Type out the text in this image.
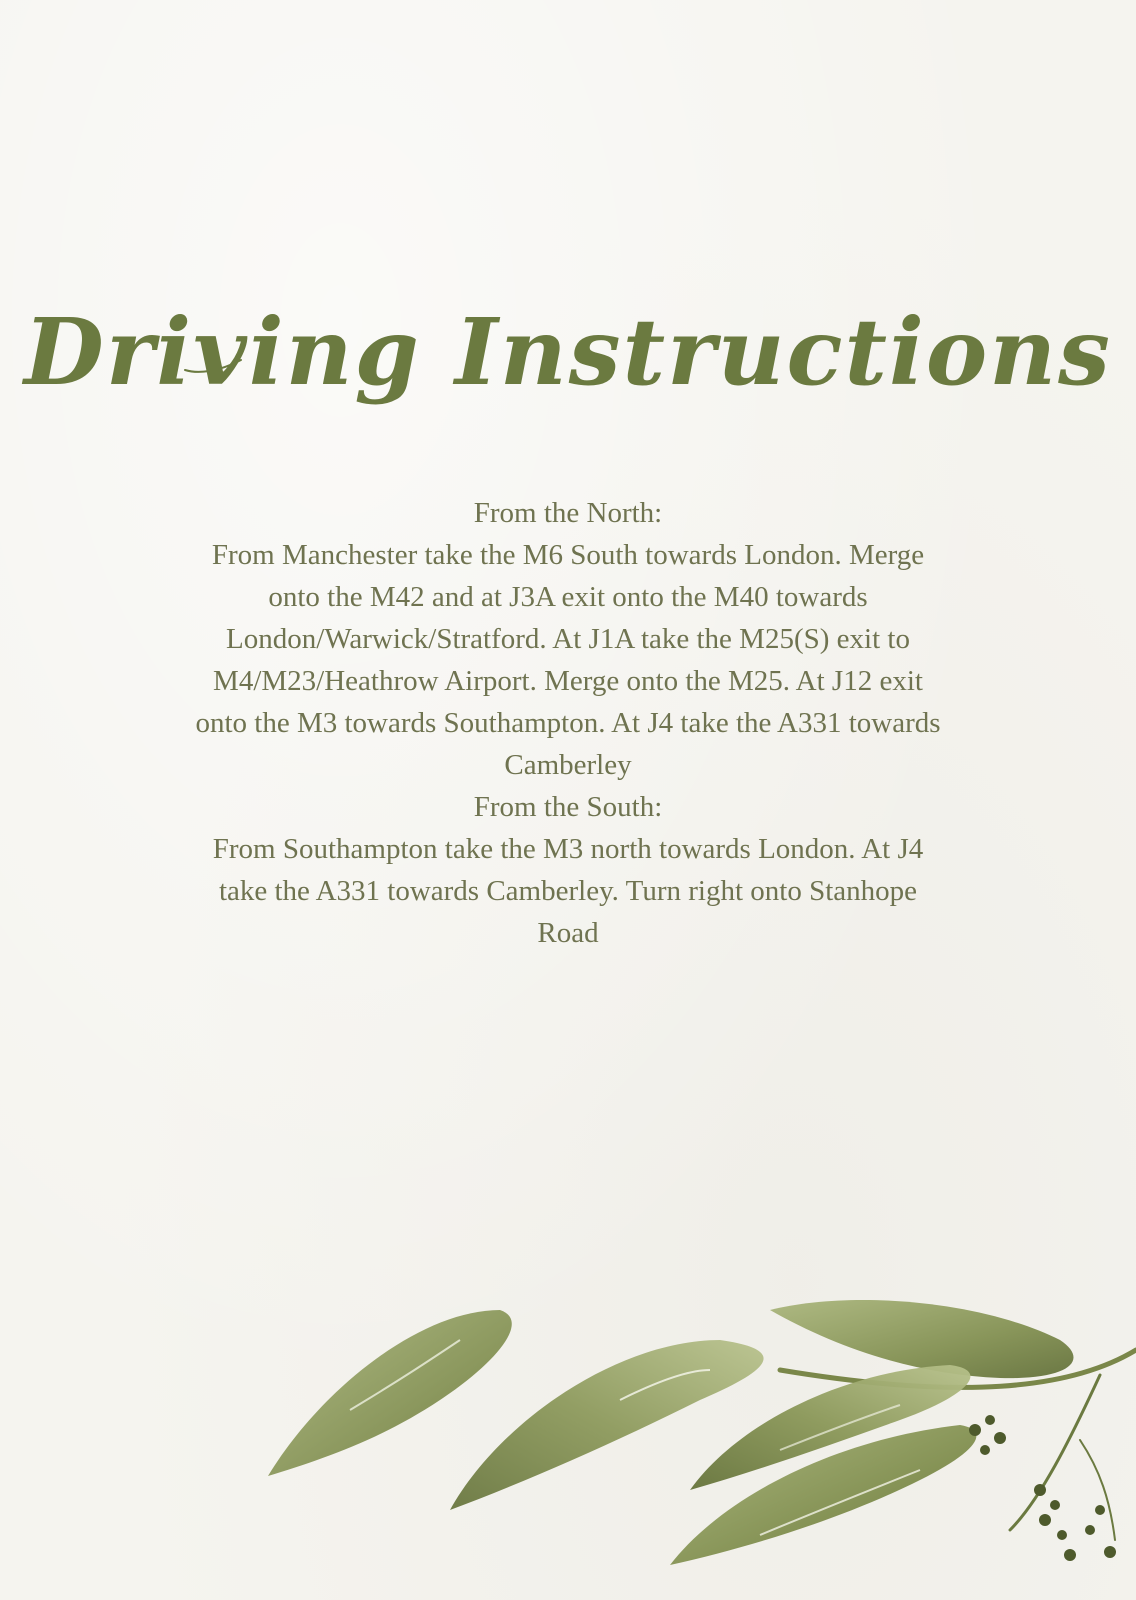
Driving Instructions

From the North:

From Manchester take the M6 South towards London. Merge onto the M42 and at J3A exit onto the M40 towards London/Warwick/Stratford. At J1A take the M25(S) exit to M4/M23/Heathrow Airport. Merge onto the M25. At J12 exit onto the M3 towards Southampton. At J4 take the A331 towards Camberley

From the South:

From Southampton take the M3 north towards London. At J4 take the A331 towards Camberley. Turn right onto Stanhope Road
